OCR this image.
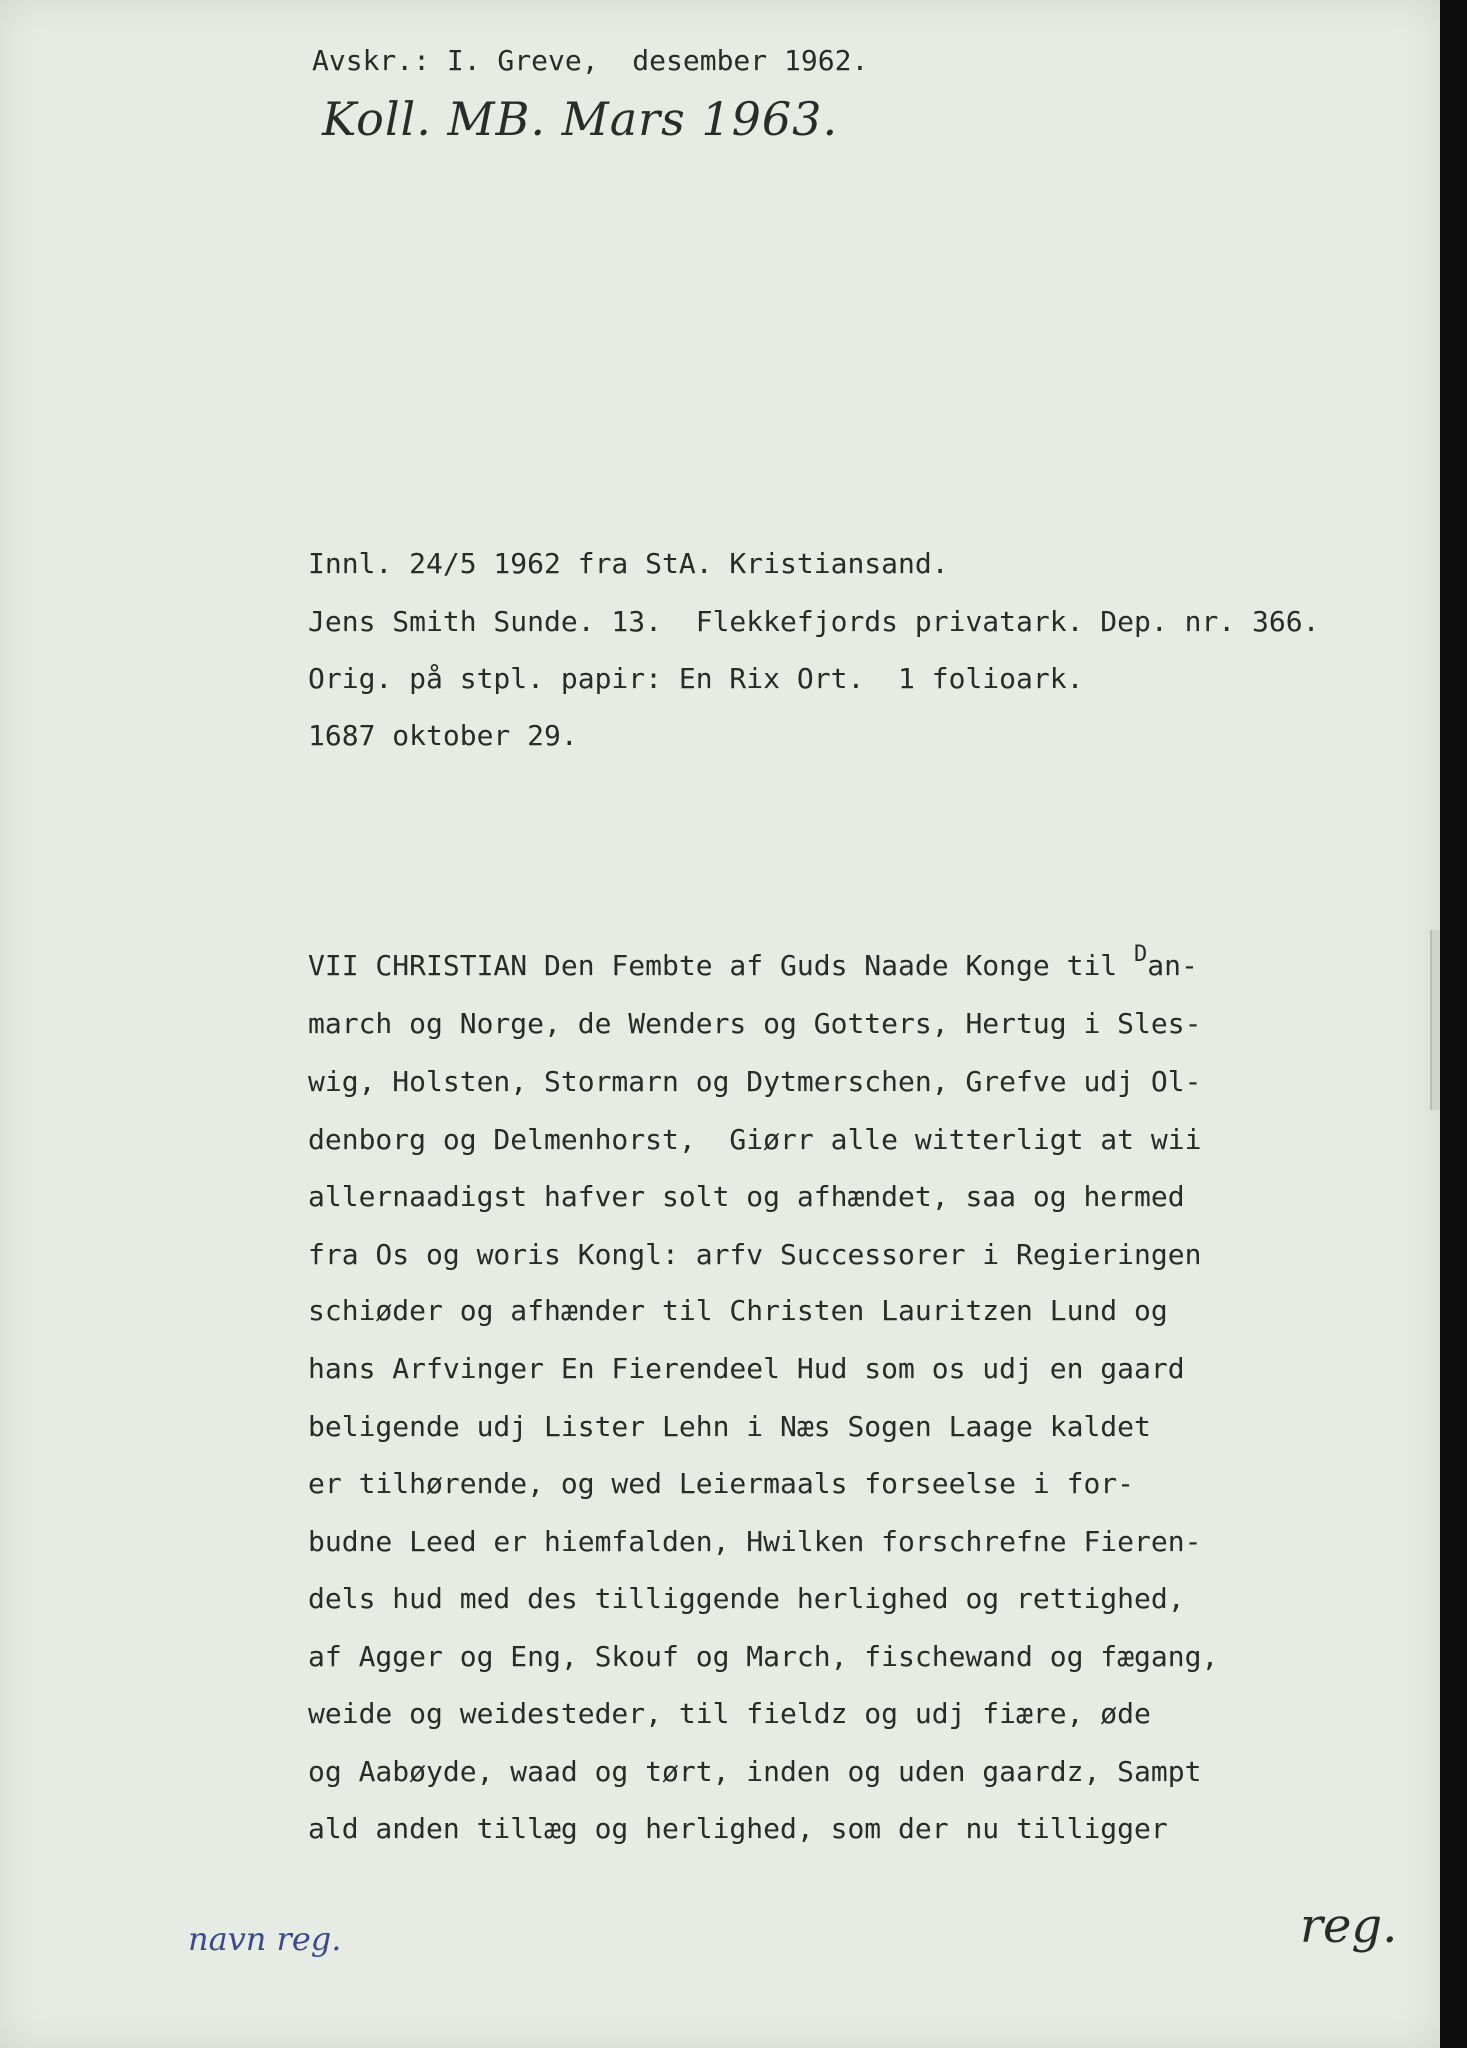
Avskr.: I. Greve,  desember 1962.
Koll. MB. Mars 1963.
Innl. 24/5 1962 fra StA. Kristiansand.
Jens Smith Sunde. 13.  Flekkefjords privatark. Dep. nr. 366.
Orig. på stpl. papir: En Rix Ort.  1 folioark.
1687 oktober 29.
VII CHRISTIAN Den Fembte af Guds Naade Konge til $^D$an-
march og Norge, de Wenders og Gotters, Hertug i Sles-
wig, Holsten, Stormarn og Dytmerschen, Grefve udj Ol-
denborg og Delmenhorst,  Giørr alle witterligt at wii
allernaadigst hafver solt og afhændet, saa og hermed
fra Os og woris Kongl: arfv Successorer i Regieringen
schiøder og afhænder til Christen Lauritzen Lund og
hans Arfvinger En Fierendeel Hud som os udj en gaard
beligende udj Lister Lehn i Næs Sogen Laage kaldet
er tilhørende, og wed Leiermaals forseelse i for-
budne Leed er hiemfalden, Hwilken forschrefne Fieren-
dels hud med des tilliggende herlighed og rettighed,
af Agger og Eng, Skouf og March, fischewand og fægang,
weide og weidesteder, til fieldz og udj fiære, øde
og Aabøyde, waad og tørt, inden og uden gaardz, Sampt
ald anden tillæg og herlighed, som der nu tilligger
navn reg.	reg.
